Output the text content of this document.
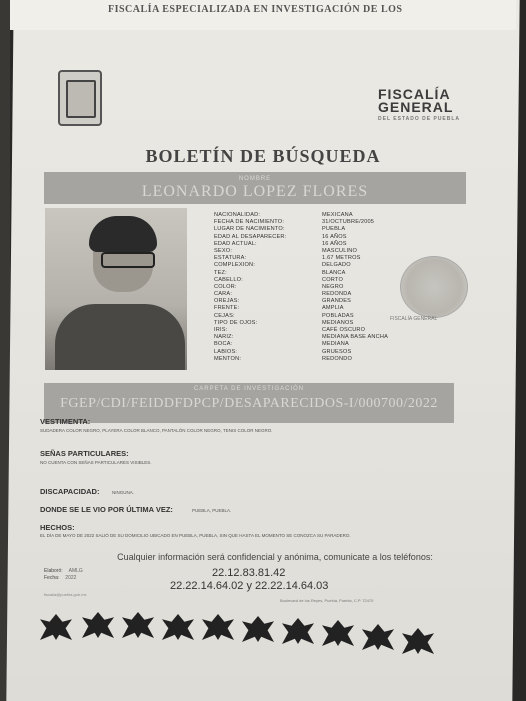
FISCALÍA ESPECIALIZADA EN INVESTIGACIÓN DE LOS
FISCALÍA
GENERAL
DEL ESTADO DE PUEBLA
BOLETÍN DE BÚSQUEDA
NOMBRE
LEONARDO LOPEZ FLORES
NACIONALIDAD:
FECHA DE NACIMIENTO:
LUGAR DE NACIMIENTO:
EDAD AL DESAPARECER:
EDAD ACTUAL:
SEXO:
ESTATURA:
COMPLEXION:
TEZ:
CABELLO:
COLOR:
CARA:
OREJAS:
FRENTE:
CEJAS:
TIPO DE OJOS:
IRIS:
NARIZ:
BOCA:
LABIOS:
MENTON:
MEXICANA
31/OCTUBRE/2005
PUEBLA
16 AÑOS
16 AÑOS
MASCULINO
1.67 METROS
DELGADO
BLANCA
CORTO
NEGRO
REDONDA
GRANDES
AMPLIA
POBLADAS
MEDIANOS
CAFÉ OSCURO
MEDIANA BASE ANCHA
MEDIANA
GRUESOS
REDONDO
FISCALÍA GENERAL
CARPETA DE INVESTIGACIÓN
FGEP/CDI/FEIDDFDPCP/DESAPARECIDOS-I/000700/2022
VESTIMENTA:
SUDADERA COLOR NEGRO, PLAYERA COLOR BLANCO, PANTALÓN COLOR NEGRO, TENIS COLOR NEGRO.
SEÑAS PARTICULARES:
NO CUENTA CON SEÑAS PARTICULARES VISIBLES.
DISCAPACIDAD:	NINGUNA.
DONDE SE LE VIO POR ÚLTIMA VEZ:	PUEBLA, PUEBLA.
HECHOS:
EL DÍA DE MAYO DE 2022 SALIÓ DE SU DOMICILIO UBICADO EN PUEBLA, PUEBLA, SIN QUE HASTA EL MOMENTO SE CONOZCA SU PARADERO.
Cualquier información será confidencial y anónima, comunicate a los teléfonos:
22.12.83.81.42
22.22.14.64.02 y 22.22.14.64.03
Elaboró: AMLG
Fecha: 2022
fiscalia@puebla.gob.mx
Boulevard de los Reyes, Puebla, Puebla, C.P. 72470
